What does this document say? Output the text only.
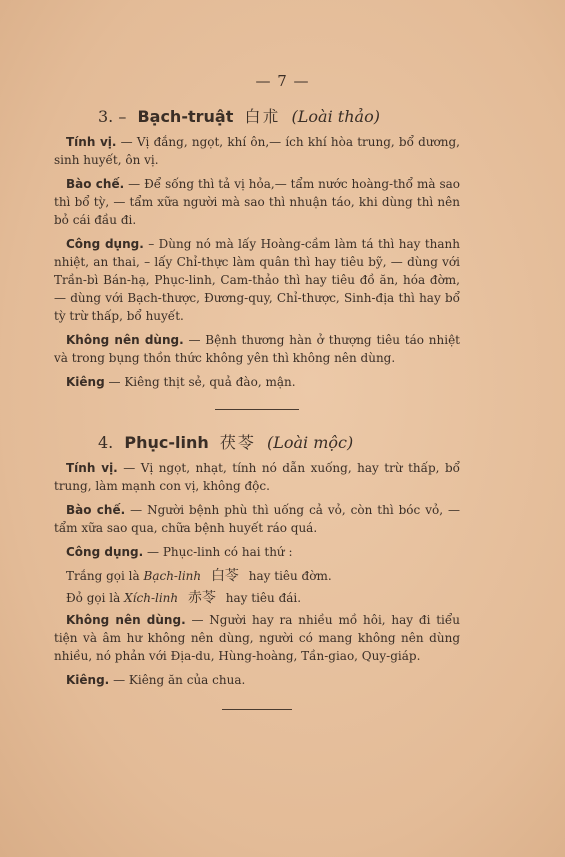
— 7 —
3. – Bạch-truật 白朮 (Loài thảo)

Tính vị. — Vị đắng, ngọt, khí ôn,— ích khí hòa trung, bổ dương, sinh huyết, ôn vị.

Bào chế. — Để sống thì tả vị hỏa,— tẩm nước hoàng-thổ mà sao thì bổ tỳ, — tẩm xữa người mà sao thì nhuận táo, khi dùng thì nên bỏ cái đầu đi.

Công dụng. – Dùng nó mà lấy Hoàng-cầm làm tá thì hay thanh nhiệt, an thai, – lấy Chỉ-thực làm quân thì hay tiêu bỹ, — dùng với Trần-bì Bán-hạ, Phục-linh, Cam-thảo thì hay tiêu đồ ăn, hóa đờm, — dùng với Bạch-thược, Đương-quy, Chỉ-thược, Sinh-địa thì hay bổ tỳ trừ thấp, bổ huyết.

Không nên dùng. — Bệnh thương hàn ở thượng tiêu táo nhiệt và trong bụng thồn thức không yên thì không nên dùng.

Kiêng — Kiêng thịt sẻ, quả đào, mận.

4. Phục-linh 茯苓 (Loài mộc)

Tính vị. — Vị ngọt, nhạt, tính nó dẫn xuống, hay trừ thấp, bổ trung, làm mạnh con vị, không độc.

Bào chế. — Người bệnh phù thì uống cả vỏ, còn thì bóc vỏ, — tẩm xữa sao qua, chữa bệnh huyết ráo quá.

Công dụng. — Phục-linh có hai thứ :

Trắng gọi là Bạch-linh 白苓 hay tiêu đờm.

Đỏ gọi là Xích-linh 赤苓 hay tiêu đái.

Không nên dùng. — Người hay ra nhiều mồ hôi, hay đi tiểu tiện và âm hư không nên dùng, người có mang không nên dùng nhiều, nó phản với Địa-du, Hùng-hoàng, Tần-giao, Quy-giáp.

Kiêng. — Kiêng ăn của chua.
